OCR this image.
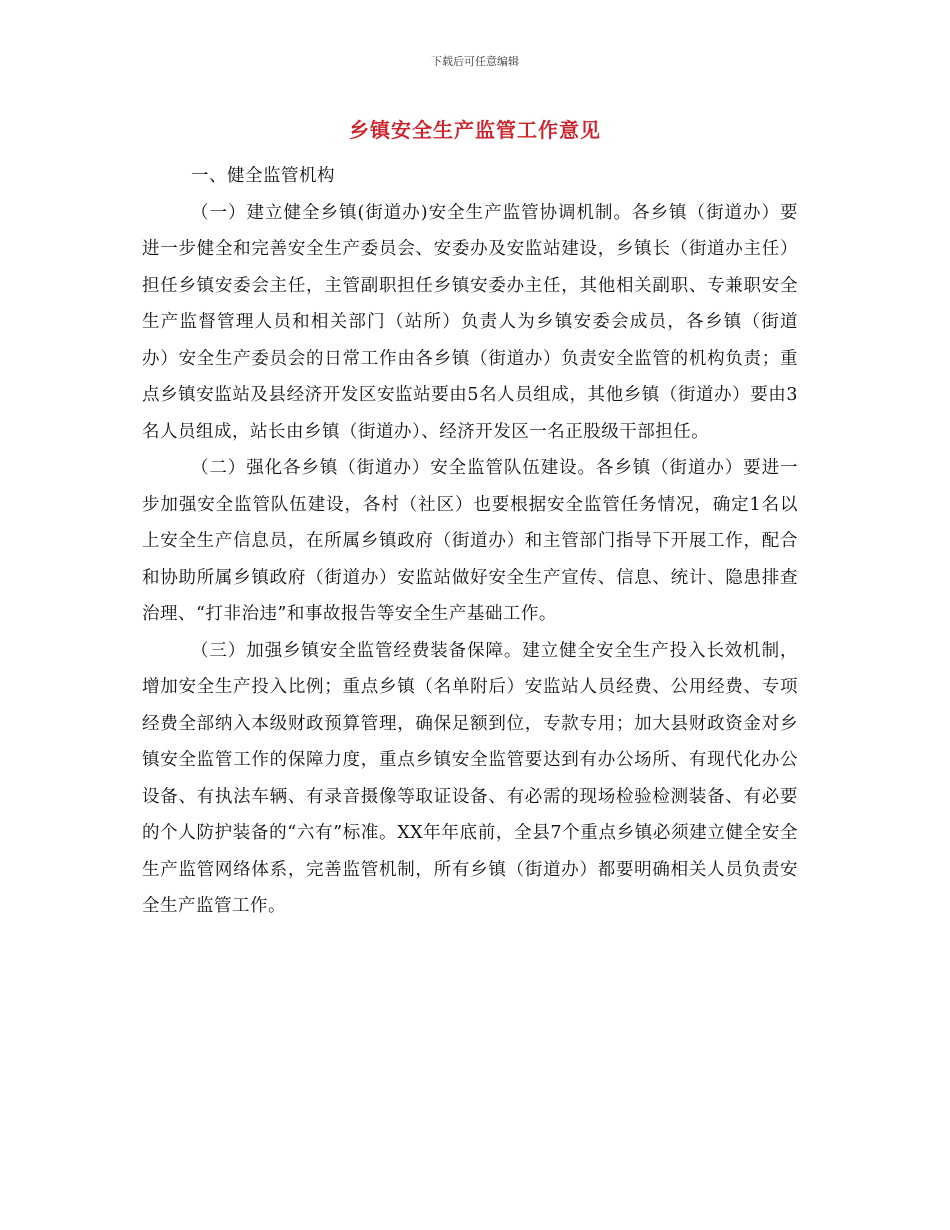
下载后可任意编辑
乡镇安全生产监管工作意见

一、健全监管机构

（一）建立健全乡镇(街道办)安全生产监管协调机制。各乡镇（街道办）要进一步健全和完善安全生产委员会、安委办及安监站建设，乡镇长（街道办主任）担任乡镇安委会主任，主管副职担任乡镇安委办主任，其他相关副职、专兼职安全生产监督管理人员和相关部门（站所）负责人为乡镇安委会成员，各乡镇（街道办）安全生产委员会的日常工作由各乡镇（街道办）负责安全监管的机构负责；重点乡镇安监站及县经济开发区安监站要由5名人员组成，其他乡镇（街道办）要由3名人员组成，站长由乡镇（街道办）、经济开发区一名正股级干部担任。

（二）强化各乡镇（街道办）安全监管队伍建设。各乡镇（街道办）要进一步加强安全监管队伍建设，各村（社区）也要根据安全监管任务情况，确定1名以上安全生产信息员，在所属乡镇政府（街道办）和主管部门指导下开展工作，配合和协助所属乡镇政府（街道办）安监站做好安全生产宣传、信息、统计、隐患排查治理、“打非治违”和事故报告等安全生产基础工作。

（三）加强乡镇安全监管经费装备保障。建立健全安全生产投入长效机制，增加安全生产投入比例；重点乡镇（名单附后）安监站人员经费、公用经费、专项经费全部纳入本级财政预算管理，确保足额到位，专款专用；加大县财政资金对乡镇安全监管工作的保障力度，重点乡镇安全监管要达到有办公场所、有现代化办公设备、有执法车辆、有录音摄像等取证设备、有必需的现场检验检测装备、有必要的个人防护装备的“六有”标准。XX年年底前，全县7个重点乡镇必须建立健全安全生产监管网络体系，完善监管机制，所有乡镇（街道办）都要明确相关人员负责安全生产监管工作。
